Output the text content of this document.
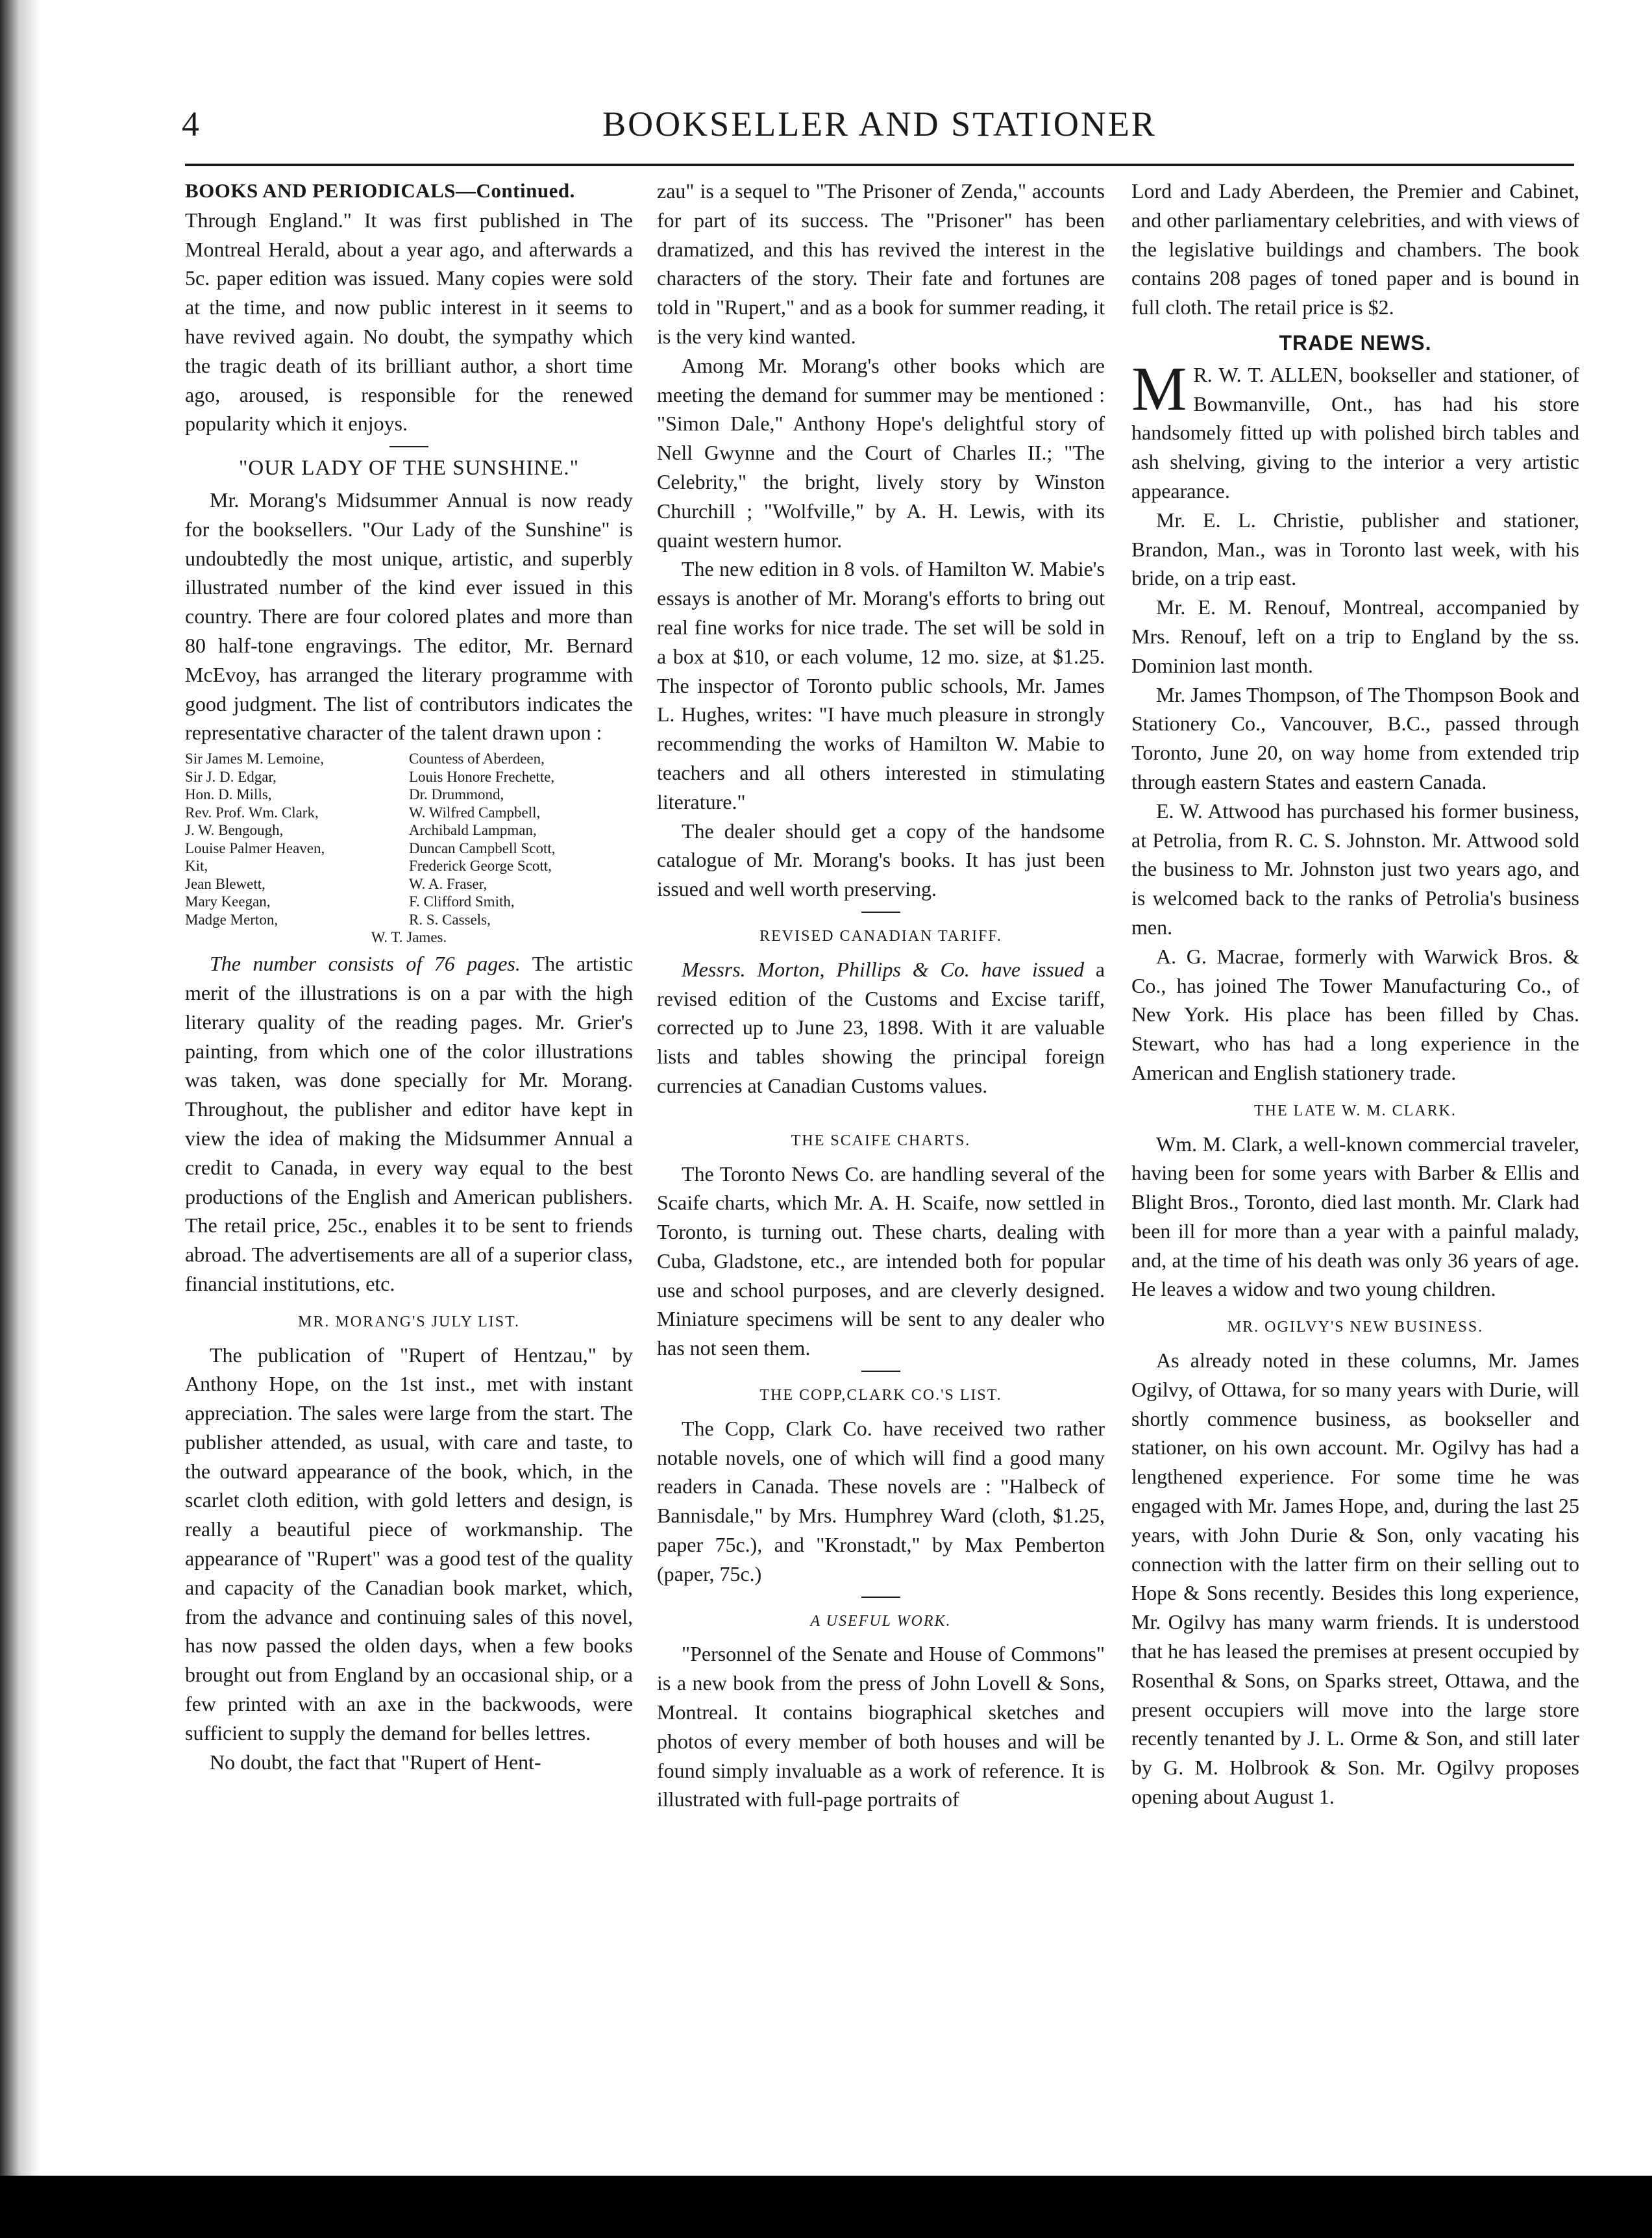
4	BOOKSELLER AND STATIONER
BOOKS AND PERIODICALS—Continued.

Through England." It was first published in The Montreal Herald, about a year ago, and afterwards a 5c. paper edition was issued. Many copies were sold at the time, and now public interest in it seems to have revived again. No doubt, the sympathy which the tragic death of its brilliant author, a short time ago, aroused, is responsible for the renewed popularity which it enjoys.

"OUR LADY OF THE SUNSHINE."

Mr. Morang's Midsummer Annual is now ready for the booksellers. "Our Lady of the Sunshine" is undoubtedly the most unique, artistic, and superbly illustrated number of the kind ever issued in this country. There are four colored plates and more than 80 half-tone engravings. The editor, Mr. Bernard McEvoy, has arranged the literary programme with good judgment. The list of contributors indicates the representative character of the talent drawn upon :

Sir James M. Lemoine,
Sir J. D. Edgar,
Hon. D. Mills,
Rev. Prof. Wm. Clark,
J. W. Bengough,
Louise Palmer Heaven,
Kit,
Jean Blewett,
Mary Keegan,
Madge Merton,
Countess of Aberdeen,
Louis Honore Frechette,
Dr. Drummond,
W. Wilfred Campbell,
Archibald Lampman,
Duncan Campbell Scott,
Frederick George Scott,
W. A. Fraser,
F. Clifford Smith,
R. S. Cassels,
W. T. James.

The number consists of 76 pages. The artistic merit of the illustrations is on a par with the high literary quality of the reading pages. Mr. Grier's painting, from which one of the color illustrations was taken, was done specially for Mr. Morang. Throughout, the publisher and editor have kept in view the idea of making the Midsummer Annual a credit to Canada, in every way equal to the best productions of the English and American publishers. The retail price, 25c., enables it to be sent to friends abroad. The advertisements are all of a superior class, financial institutions, etc.

MR. MORANG'S JULY LIST.

The publication of "Rupert of Hentzau," by Anthony Hope, on the 1st inst., met with instant appreciation. The sales were large from the start. The publisher attended, as usual, with care and taste, to the outward appearance of the book, which, in the scarlet cloth edition, with gold letters and design, is really a beautiful piece of workmanship. The appearance of "Rupert" was a good test of the quality and capacity of the Canadian book market, which, from the advance and continuing sales of this novel, has now passed the olden days, when a few books brought out from England by an occasional ship, or a few printed with an axe in the backwoods, were sufficient to supply the demand for belles lettres.

No doubt, the fact that "Rupert of Hent-

zau" is a sequel to "The Prisoner of Zenda," accounts for part of its success. The "Prisoner" has been dramatized, and this has revived the interest in the characters of the story. Their fate and fortunes are told in "Rupert," and as a book for summer reading, it is the very kind wanted.

Among Mr. Morang's other books which are meeting the demand for summer may be mentioned : "Simon Dale," Anthony Hope's delightful story of Nell Gwynne and the Court of Charles II.; "The Celebrity," the bright, lively story by Winston Churchill ; "Wolfville," by A. H. Lewis, with its quaint western humor.

The new edition in 8 vols. of Hamilton W. Mabie's essays is another of Mr. Morang's efforts to bring out real fine works for nice trade. The set will be sold in a box at $10, or each volume, 12 mo. size, at $1.25. The inspector of Toronto public schools, Mr. James L. Hughes, writes: "I have much pleasure in strongly recommending the works of Hamilton W. Mabie to teachers and all others interested in stimulating literature."

The dealer should get a copy of the handsome catalogue of Mr. Morang's books. It has just been issued and well worth preserving.

REVISED CANADIAN TARIFF.

Messrs. Morton, Phillips & Co. have issued a revised edition of the Customs and Excise tariff, corrected up to June 23, 1898. With it are valuable lists and tables showing the principal foreign currencies at Canadian Customs values.

THE SCAIFE CHARTS.

The Toronto News Co. are handling several of the Scaife charts, which Mr. A. H. Scaife, now settled in Toronto, is turning out. These charts, dealing with Cuba, Gladstone, etc., are intended both for popular use and school purposes, and are cleverly designed. Miniature specimens will be sent to any dealer who has not seen them.

THE COPP,CLARK CO.'S LIST.

The Copp, Clark Co. have received two rather notable novels, one of which will find a good many readers in Canada. These novels are : "Halbeck of Bannisdale," by Mrs. Humphrey Ward (cloth, $1.25, paper 75c.), and "Kronstadt," by Max Pemberton (paper, 75c.)

A USEFUL WORK.

"Personnel of the Senate and House of Commons" is a new book from the press of John Lovell & Sons, Montreal. It contains biographical sketches and photos of every member of both houses and will be found simply invaluable as a work of reference. It is illustrated with full-page portraits of

Lord and Lady Aberdeen, the Premier and Cabinet, and other parliamentary celebrities, and with views of the legislative buildings and chambers. The book contains 208 pages of toned paper and is bound in full cloth. The retail price is $2.

TRADE NEWS.

M R. W. T. ALLEN, bookseller and stationer, of Bowmanville, Ont., has had his store handsomely fitted up with polished birch tables and ash shelving, giving to the interior a very artistic appearance.

Mr. E. L. Christie, publisher and stationer, Brandon, Man., was in Toronto last week, with his bride, on a trip east.

Mr. E. M. Renouf, Montreal, accompanied by Mrs. Renouf, left on a trip to England by the ss. Dominion last month.

Mr. James Thompson, of The Thompson Book and Stationery Co., Vancouver, B.C., passed through Toronto, June 20, on way home from extended trip through eastern States and eastern Canada.

E. W. Attwood has purchased his former business, at Petrolia, from R. C. S. Johnston. Mr. Attwood sold the business to Mr. Johnston just two years ago, and is welcomed back to the ranks of Petrolia's business men.

A. G. Macrae, formerly with Warwick Bros. & Co., has joined The Tower Manufacturing Co., of New York. His place has been filled by Chas. Stewart, who has had a long experience in the American and English stationery trade.

THE LATE W. M. CLARK.

Wm. M. Clark, a well-known commercial traveler, having been for some years with Barber & Ellis and Blight Bros., Toronto, died last month. Mr. Clark had been ill for more than a year with a painful malady, and, at the time of his death was only 36 years of age. He leaves a widow and two young children.

MR. OGILVY'S NEW BUSINESS.

As already noted in these columns, Mr. James Ogilvy, of Ottawa, for so many years with Durie, will shortly commence business, as bookseller and stationer, on his own account. Mr. Ogilvy has had a lengthened experience. For some time he was engaged with Mr. James Hope, and, during the last 25 years, with John Durie & Son, only vacating his connection with the latter firm on their selling out to Hope & Sons recently. Besides this long experience, Mr. Ogilvy has many warm friends. It is understood that he has leased the premises at present occupied by Rosenthal & Sons, on Sparks street, Ottawa, and the present occupiers will move into the large store recently tenanted by J. L. Orme & Son, and still later by G. M. Holbrook & Son. Mr. Ogilvy proposes opening about August 1.
